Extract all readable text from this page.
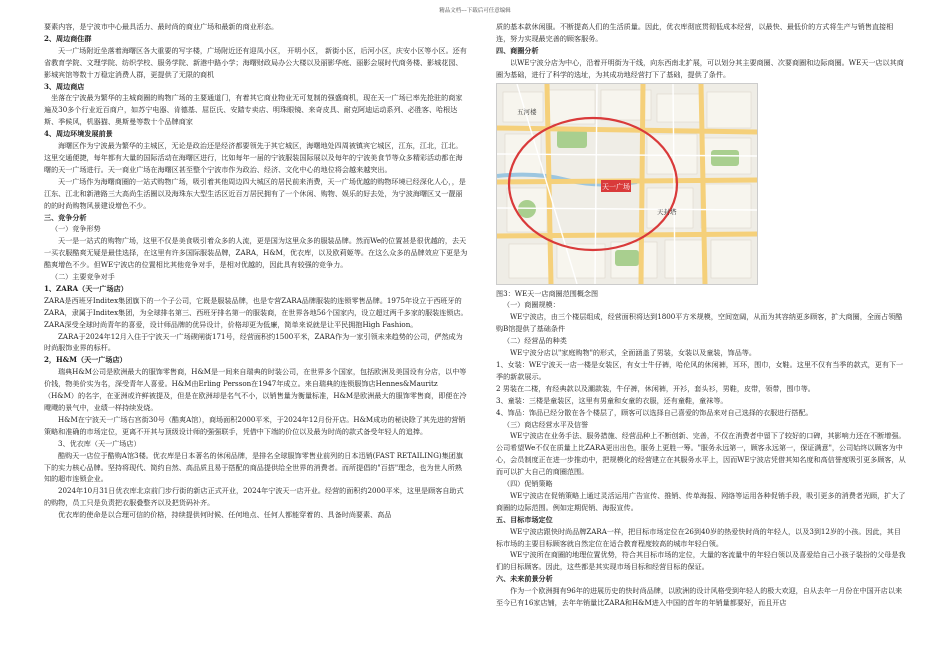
精品文档---下载后可任意编辑

要素内容，是宁波市中心最具活力、最时尚的商业广场和最新的商业形态。

2、周边商住群

天一广场附近坐落着海曙区各大重要的写字楼，广场附近还有迎凤小区， 开明小区， 新街小区，后河小区，庆安小区等小区。还有省教育学院、文理学院、纺织学校、服务学院、新港中路小学；海曙财政局办公大楼以及丽影华庭、丽影会展时代商务楼、影城花园、影城宾馆等数十万稳定消费人群，更提供了无限的商机

3、周边商店

坐落在宁波最为繁华的主城商圈的购物广场的主要通道门，有着其它商业物业无可复制的强盛商机，现在天一广场已率先抢驻的商家遍及30多个行业近百商户，如苏宁电器、肯德基、屈臣氏、安踏专卖店、明珠眼镜、来奇皮具、耐克阿迪运动系列、必胜客、哈根达斯、季候风，机器猫、奥斯曼等数十个品牌商家

4、周边环境发展前景

海曙区作为宁波最为繁华的主城区，无论是政治还是经济都要领先于其它城区，海曙地处四周被镇宾它城区，江东，江北，江北。这里交通便捷，每年都有大量的国际活动在海曙区进行，比如每年一届的宁波服装国际展以及每年的宁波美食节等众多精彩活动都在海曙的天一广场进行。天一商业广场在海曙区甚至整个宁波市作为政治、经济、文化中心的地位将会越来越突出。

天一广场作为海曙商圈的一站式购物广场，吸引着其他周边四大城区的居民前来消费，天一广场优越的购物环境已经深化人心，，是江东、江北和新港路三大高尚生活圈以及海珠东大型生活区近百万居民拥有了一个休闲、购物、娱乐的好去处，为宁波海曙区又一靓丽的的时尚购物风景建设增色不少。

三、竞争分析

（一）竞争形势

天一是一站式的购物广场，这里不仅是美食吸引着众多的人流，更是国为这里众多的服装品牌。然而We的位置甚是很优越的，去天一买衣服酷爽无疑是最佳选择，在这里有许多国际服装品牌，ZARA，H&M，优衣库，以及欧莉姬等。在这么众多的品牌效应下更是为酷爽增色不少。但WE宁波店的位置相比其他竞争对手，是相对优越的，因此具有较强的竞争力。

（二）主要竞争对手

1、ZARA（天一广场店）

ZARA是西班牙Inditex集团旗下的一个子公司，它既是服装品牌，也是专营ZARA品牌服装的连锁零售品牌。1975年设立于西班牙的ZARA，隶属于Inditex集团，为全球排名第三、西班牙排名第一的服装商，在世界各地56个国家内，设立超过两千多家的服装连锁店。ZARA深受全球时尚青年的喜爱，设计师品牌的优异设计，价格却更为低廉，简单来说就是让平民拥抱High Fashion。

ZARA于2024年12月入住于宁波天一广场碶闸街171号，经营面积约1500平米，ZARA作为一家引领未来趋势的公司，俨然成为时尚服饰业界的标杆。

2，H&M（天一广场店）

瑞典H&M公司是欧洲最大的服饰零售商，H&M是一间来自瑞典的时装公司，在世界多个国家，包括欧洲及美国设有分店，以中等价钱，物美价实为名，深受青年人喜爱。H&M由Erling Persson在1947年成立。来自瑞典的连锁服饰店Hennes&Mauritz（H&M）的名字，在亚洲或许鲜被提及，但是在欧洲却是名气不小，以销售量为衡量标准，H&M是欧洲最大的服饰零售商，即便在冷飕飕的景气中，业绩一样持续发烧。

H&M在宁波天一广场右宫街30号（酷爽A馆），商场面积2000平米，于2024年12月份开店。H&M成功的秘诀除了其先进的营销策略和准确的市场定位，更离不开其与顶级设计师的强强联手，凭借中下端的价位以及最为时尚的款式备受年轻人的追捧。

3、优衣库（天一广场店）

酷购天一店位于酷购A馆3楼。优衣库是日本著名的休闲品牌，是排名全球服饰零售业前列的日本迅销(FAST RETAILING)集团旗下的实力核心品牌。坚持将现代、简约自然、高品质且易于搭配的商品提供给全世界的消费者。而所提倡的"百搭"理念，也为世人所熟知的超市连锁企业。

2024年10月31日优衣库北京前门步行街的新店正式开业，2024年宁波天一店开业。经营的面积约2000平米，这里是顾客自助式的购物，员工只是负责把衣服叠整齐以及把货码补齐。

优衣库的使命是以合理可信的价格，持续提供何时候、任何地点、任何人都能穿着的、具备时尚要素、高品

质的基本款休闲服。不断提高人们的生活质量。因此，优衣库彻底贯彻低成本经营，以最快、最低价的方式将生产与销售直接相连，努力实现最完善的顾客服务。

四、商圈分析

以WE宁波分店为中心，沿着开明街为干线，向东西南北扩展，可以划分其主要商圈、次要商圈和边际商圈。WE天一店以其商圈为基础，进行了科学的选址，为其成功地经营打下了基础，提供了条件。

天一广场
五河楼
天封塔

图3：WE天一店商圈范围概念图

（一）商圈规模：

WE宁波店，由三个楼层组成，经营面积将达到1800平方米规模，空间宽阔，从而为其容纳更多顾客，扩大商圈，全面占领酷购B馆提供了基础条件

（二）经营品的种类

WE宁波分店以"家庭购物"的形式，全面涵盖了男装，女装以及童装，饰品等。

1、女装：WE宁波天一店一楼是女装区，有女士牛仔裤，哈伦风的休闲裤，耳环，围巾，女鞋。这里不仅有当季的款式，更有下一季的新款展示。

2 男装在二楼，有经典款以及潮款装，牛仔裤，休闲裤，开衫，套头衫，男鞋，皮带，领带，围巾等。

3、童装：三楼是童装区，这里有男童和女童的衣服，还有童鞋，童袜等。

4、饰品：饰品已经分散在各个楼层了，顾客可以选择自己喜爱的饰品来对自己选择的衣服进行搭配。

（三）商店经营水平及信誉

WE宁波店在业务手法、服务措施、经营品种上不断创新、完善，不仅在消费者中留下了较好的口碑，其影响力还在不断增强。公司希望We不仅在质量上比ZARA更出出色，服务上更胜一筹。"服务永远第一，顾客永远第一，保证满意"，公司始终以顾客为中心，会员制度正在进一步推动中，把规模化的经营建立在其服务水平上，因而WE宁波店凭借其知名度和高信誉度吸引更多顾客，从而可以扩大自己的商圈范围。

（四）促销策略

WE宁波店在促销策略上通过灵活运用广告宣传、推销、传单海报、网络等运用各种促销手段，吸引更多的消费者光顾，扩大了商圈的边际范围。例如定期促销、海报宣传。

五、目标市场定位

WE宁波店跟快时尚品牌ZARA一样，把目标市场定位在26到40岁的热爱快时尚的年轻人，以及3到12岁的小孩。因此，其目标市场的主要目标顾客就自然定位在适合教育程度较高的城市年轻白领。

WE宁波所在商圈的地理位置优势，符合其目标市场的定位，大量的客流量中的年轻白领以及喜爱给自己小孩子装扮的父母是我们的目标顾客。因此，这些都是其实现市场目标和经营目标的保证。

六、未来前景分析

作为一个欧洲拥有96年的进展历史的快时尚品牌，以欧洲的设计风格受到年轻人的极大欢迎，自从去年一月份在中国开店以来至今已有16家店铺，去年年销量比ZARA和H&M进入中国的首年的年销量都要好，而且开店
